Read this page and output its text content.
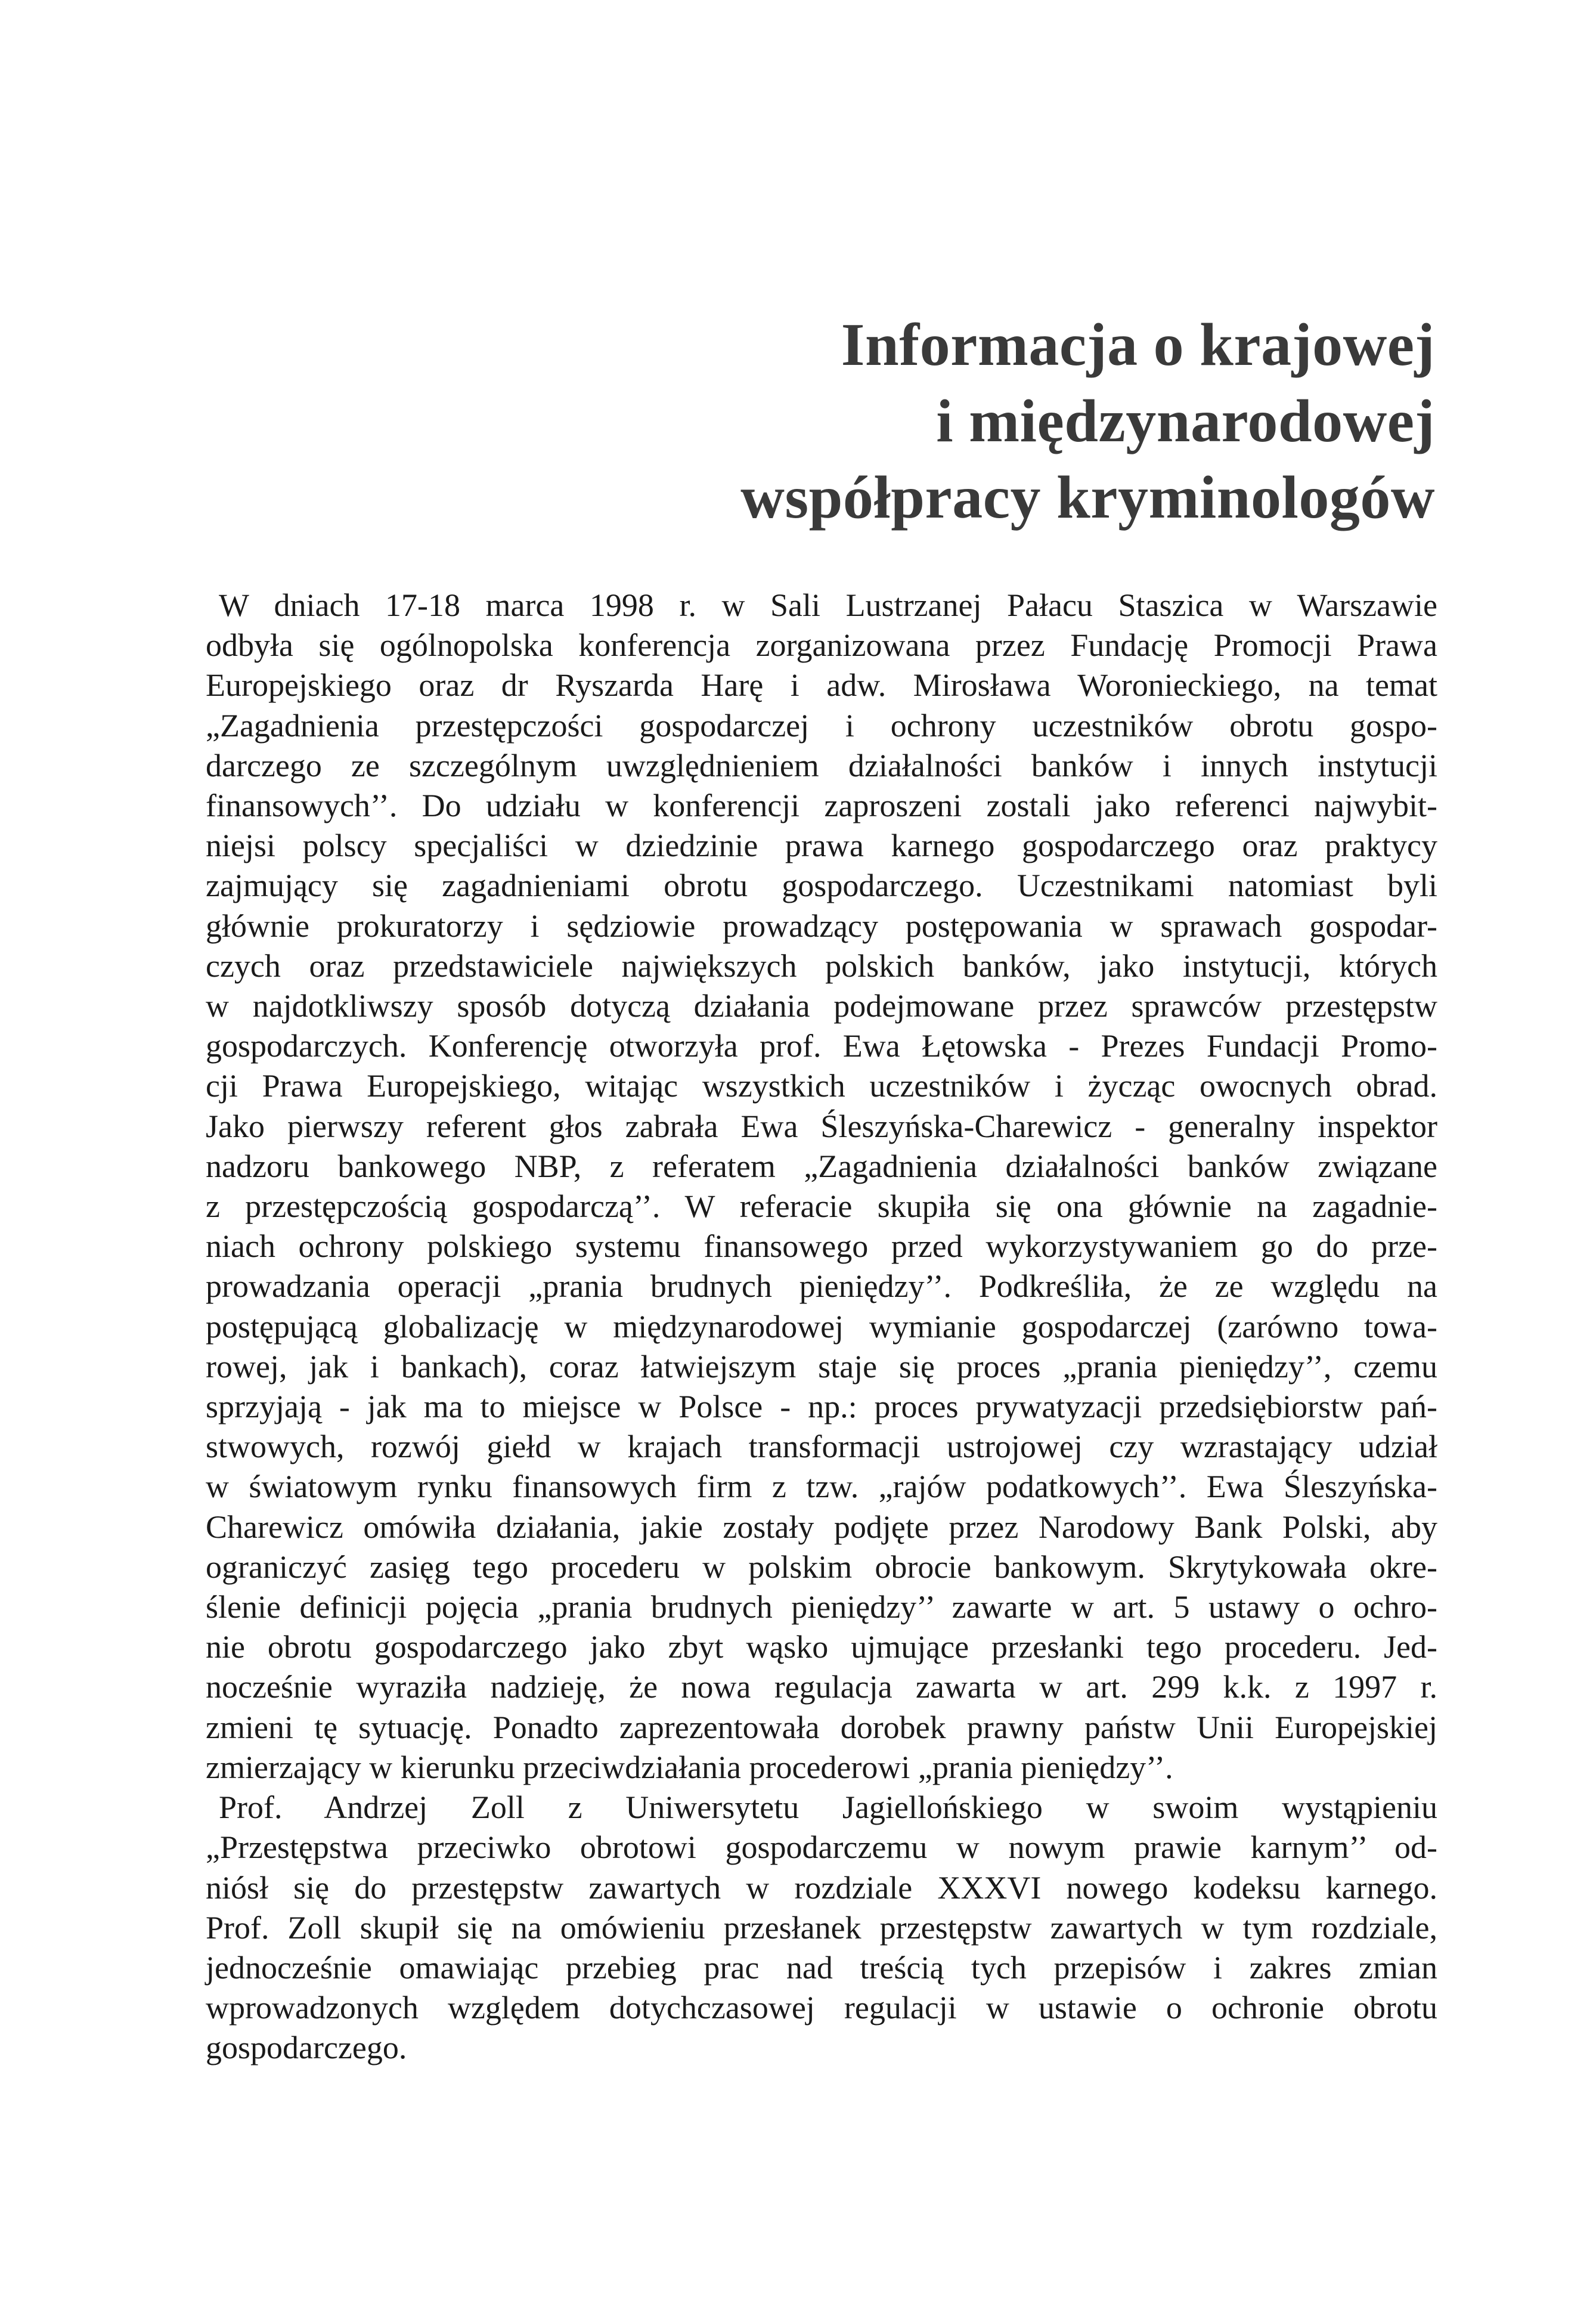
Informacja o krajowej
i międzynarodowej
współpracy kryminologów

W dniach 17-18 marca 1998 r. w Sali Lustrzanej Pałacu Staszica w Warszawie
odbyła się ogólnopolska konferencja zorganizowana przez Fundację Promocji Prawa
Europejskiego oraz dr Ryszarda Harę i adw. Mirosława Woronieckiego, na temat
„Zagadnienia przestępczości gospodarczej i ochrony uczestników obrotu gospo-
darczego ze szczególnym uwzględnieniem działalności banków i innych instytucji
finansowych’’. Do udziału w konferencji zaproszeni zostali jako referenci najwybit-
niejsi polscy specjaliści w dziedzinie prawa karnego gospodarczego oraz praktycy
zajmujący się zagadnieniami obrotu gospodarczego. Uczestnikami natomiast byli
głównie prokuratorzy i sędziowie prowadzący postępowania w sprawach gospodar-
czych oraz przedstawiciele największych polskich banków, jako instytucji, których
w najdotkliwszy sposób dotyczą działania podejmowane przez sprawców przestępstw
gospodarczych. Konferencję otworzyła prof. Ewa Łętowska - Prezes Fundacji Promo-
cji Prawa Europejskiego, witając wszystkich uczestników i życząc owocnych obrad.
Jako pierwszy referent głos zabrała Ewa Śleszyńska-Charewicz - generalny inspektor
nadzoru bankowego NBP, z referatem „Zagadnienia działalności banków związane
z przestępczością gospodarczą’’. W referacie skupiła się ona głównie na zagadnie-
niach ochrony polskiego systemu finansowego przed wykorzystywaniem go do prze-
prowadzania operacji „prania brudnych pieniędzy’’. Podkreśliła, że ze względu na
postępującą globalizację w międzynarodowej wymianie gospodarczej (zarówno towa-
rowej, jak i bankach), coraz łatwiejszym staje się proces „prania pieniędzy’’, czemu
sprzyjają - jak ma to miejsce w Polsce - np.: proces prywatyzacji przedsiębiorstw pań-
stwowych, rozwój giełd w krajach transformacji ustrojowej czy wzrastający udział
w światowym rynku finansowych firm z tzw. „rajów podatkowych’’. Ewa Śleszyńska-
Charewicz omówiła działania, jakie zostały podjęte przez Narodowy Bank Polski, aby
ograniczyć zasięg tego procederu w polskim obrocie bankowym. Skrytykowała okre-
ślenie definicji pojęcia „prania brudnych pieniędzy’’ zawarte w art. 5 ustawy o ochro-
nie obrotu gospodarczego jako zbyt wąsko ujmujące przesłanki tego procederu. Jed-
nocześnie wyraziła nadzieję, że nowa regulacja zawarta w art. 299 k.k. z 1997 r.
zmieni tę sytuację. Ponadto zaprezentowała dorobek prawny państw Unii Europejskiej
zmierzający w kierunku przeciwdziałania procederowi „prania pieniędzy’’.

Prof. Andrzej Zoll z Uniwersytetu Jagiellońskiego w swoim wystąpieniu
„Przestępstwa przeciwko obrotowi gospodarczemu w nowym prawie karnym’’ od-
niósł się do przestępstw zawartych w rozdziale XXXVI nowego kodeksu karnego.
Prof. Zoll skupił się na omówieniu przesłanek przestępstw zawartych w tym rozdziale,
jednocześnie omawiając przebieg prac nad treścią tych przepisów i zakres zmian
wprowadzonych względem dotychczasowej regulacji w ustawie o ochronie obrotu
gospodarczego.
